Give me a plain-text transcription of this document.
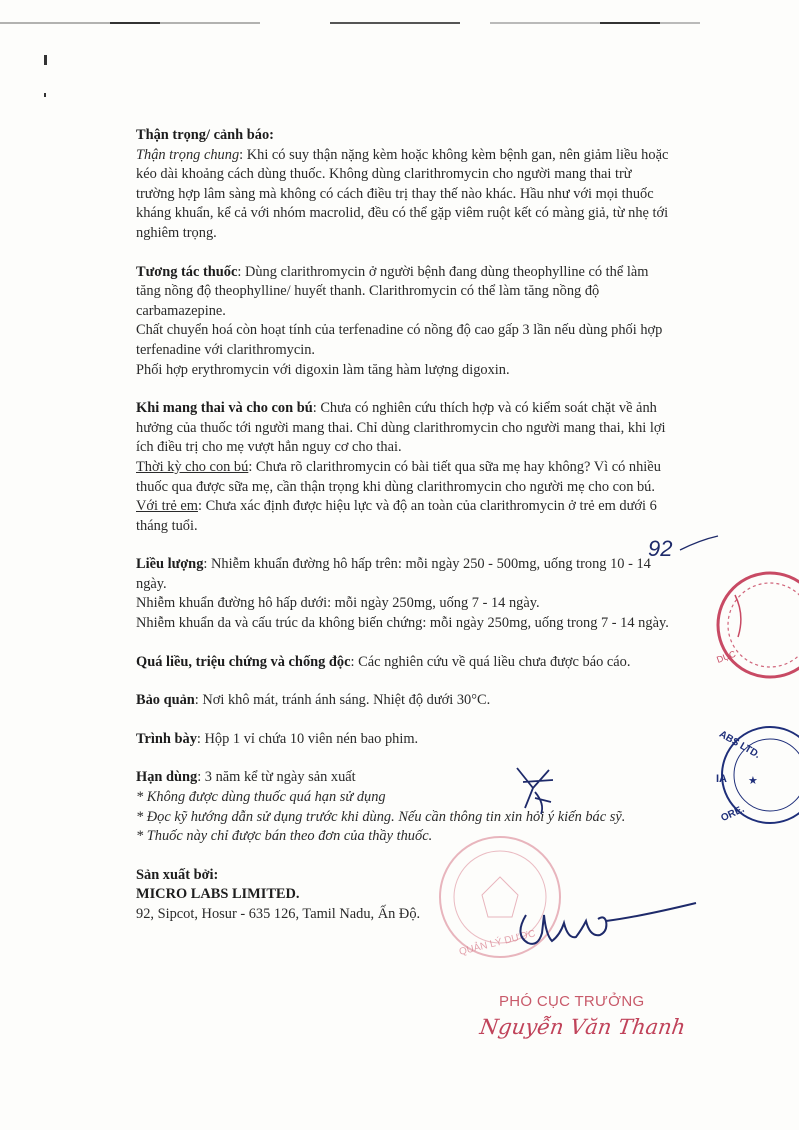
Thận trọng/ cảnh báo:
Thận trọng chung: Khi có suy thận nặng kèm hoặc không kèm bệnh gan, nên giảm liều hoặc kéo dài khoảng cách dùng thuốc. Không dùng clarithromycin cho người mang thai trừ trường hợp lâm sàng mà không có cách điều trị thay thế nào khác. Hầu như với mọi thuốc kháng khuẩn, kể cả với nhóm macrolid, đều có thể gặp viêm ruột kết có màng giả, từ nhẹ tới nghiêm trọng.

Tương tác thuốc: Dùng clarithromycin ở người bệnh đang dùng theophylline có thể làm tăng nồng độ theophylline/ huyết thanh. Clarithromycin có thể làm tăng nồng độ carbamazepine.
Chất chuyển hoá còn hoạt tính của terfenadine có nồng độ cao gấp 3 lần nếu dùng phối hợp terfenadine với clarithromycin.
Phối hợp erythromycin với digoxin làm tăng hàm lượng digoxin.

Khi mang thai và cho con bú: Chưa có nghiên cứu thích hợp và có kiểm soát chặt về ảnh hưởng của thuốc tới người mang thai. Chỉ dùng clarithromycin cho người mang thai, khi lợi ích điều trị cho mẹ vượt hẳn nguy cơ cho thai.
Thời kỳ cho con bú: Chưa rõ clarithromycin có bài tiết qua sữa mẹ hay không? Vì có nhiều thuốc qua được sữa mẹ, cần thận trọng khi dùng clarithromycin cho người mẹ cho con bú.
Với trẻ em: Chưa xác định được hiệu lực và độ an toàn của clarithromycin ở trẻ em dưới 6 tháng tuổi.

Liều lượng: Nhiễm khuẩn đường hô hấp trên: mỗi ngày 250 - 500mg, uống trong 10 - 14 ngày.
Nhiễm khuẩn đường hô hấp dưới: mỗi ngày 250mg, uống 7 - 14 ngày.
Nhiễm khuẩn da và cấu trúc da không biến chứng: mỗi ngày 250mg, uống trong 7 - 14 ngày.

Quá liều, triệu chứng và chống độc: Các nghiên cứu về quá liều chưa được báo cáo.

Bảo quản: Nơi khô mát, tránh ánh sáng. Nhiệt độ dưới 30°C.

Trình bày: Hộp 1 vỉ chứa 10 viên nén bao phim.

Hạn dùng: 3 năm kể từ ngày sản xuất
* Không được dùng thuốc quá hạn sử dụng
* Đọc kỹ hướng dẫn sử dụng trước khi dùng. Nếu cần thông tin xin hỏi ý kiến bác sỹ.
* Thuốc này chỉ được bán theo đơn của thầy thuốc.

Sản xuất bởi:
MICRO LABS LIMITED.
92, Sipcot, Hosur - 635 126, Tamil Nadu, Ấn Độ.

92
DỤC
ABS LTD.
IA ★
ORE.
QUẢN LÝ DƯỢC
PHÓ CỤC TRƯỞNG
Nguyễn Văn Thanh
